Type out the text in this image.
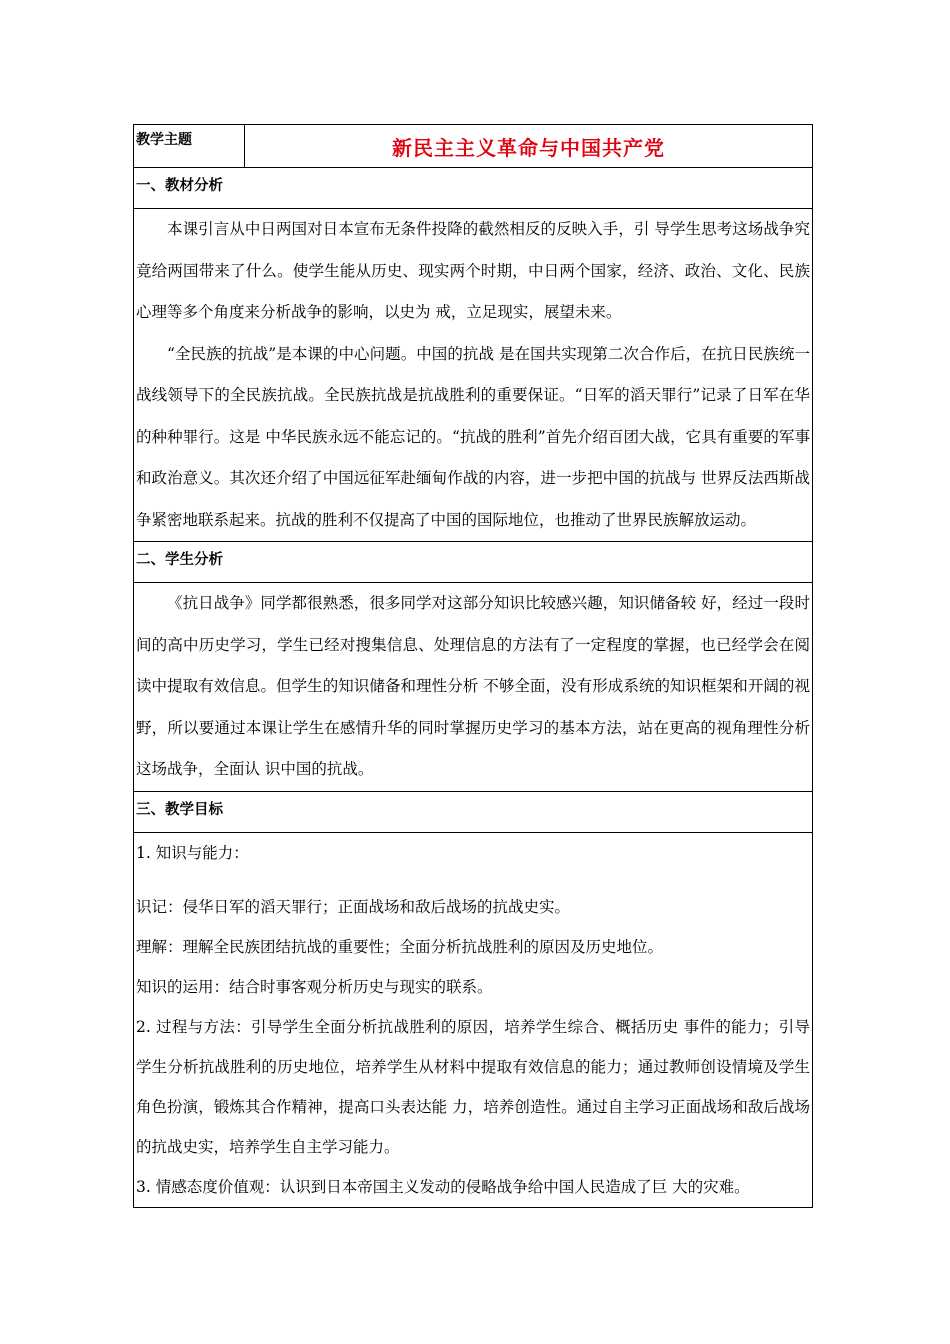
教学主题	新民主主义革命与中国共产党
一、教材分析

本课引言从中日两国对日本宣布无条件投降的截然相反的反映入手，引 导学生思考这场战争究竟给两国带来了什么。使学生能从历史、现实两个时期，中日两个国家，经济、政治、文化、民族心理等多个角度来分析战争的影响，以史为 戒，立足现实，展望未来。

“全民族的抗战”是本课的中心问题。中国的抗战 是在国共实现第二次合作后，在抗日民族统一战线领导下的全民族抗战。全民族抗战是抗战胜利的重要保证。“日军的滔天罪行”记录了日军在华的种种罪行。这是 中华民族永远不能忘记的。“抗战的胜利”首先介绍百团大战，它具有重要的军事和政治意义。其次还介绍了中国远征军赴缅甸作战的内容，进一步把中国的抗战与 世界反法西斯战争紧密地联系起来。抗战的胜利不仅提高了中国的国际地位，也推动了世界民族解放运动。

二、学生分析

《抗日战争》同学都很熟悉，很多同学对这部分知识比较感兴趣，知识储备较 好，经过一段时间的高中历史学习，学生已经对搜集信息、处理信息的方法有了一定程度的掌握，也已经学会在阅读中提取有效信息。但学生的知识储备和理性分析 不够全面，没有形成系统的知识框架和开阔的视野，所以要通过本课让学生在感情升华的同时掌握历史学习的基本方法，站在更高的视角理性分析这场战争，全面认 识中国的抗战。

三、教学目标

1. 知识与能力：

识记：侵华日军的滔天罪行；正面战场和敌后战场的抗战史实。

理解：理解全民族团结抗战的重要性；全面分析抗战胜利的原因及历史地位。

知识的运用：结合时事客观分析历史与现实的联系。

2. 过程与方法：引导学生全面分析抗战胜利的原因，培养学生综合、概括历史 事件的能力；引导学生分析抗战胜利的历史地位，培养学生从材料中提取有效信息的能力；通过教师创设情境及学生角色扮演，锻炼其合作精神，提高口头表达能 力，培养创造性。通过自主学习正面战场和敌后战场的抗战史实，培养学生自主学习能力。

3. 情感态度价值观：认识到日本帝国主义发动的侵略战争给中国人民造成了巨 大的灾难。
